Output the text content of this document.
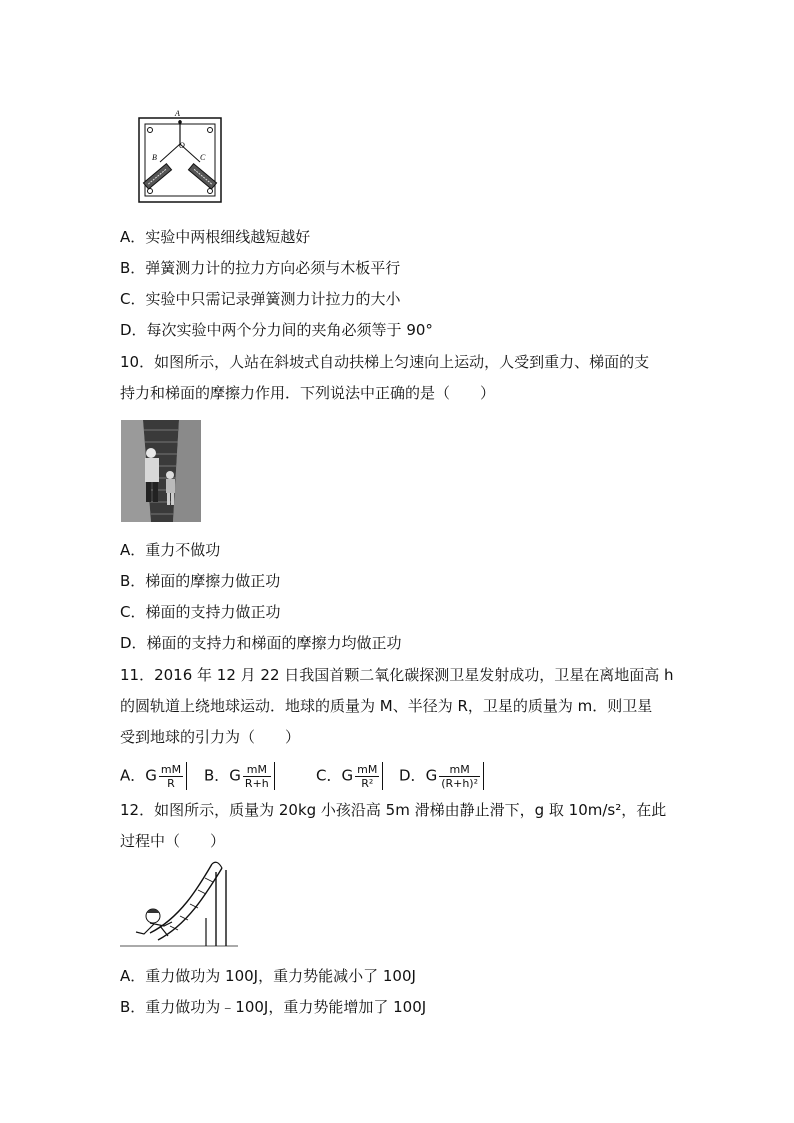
A
O
B	C
A．实验中两根细线越短越好
B．弹簧测力计的拉力方向必须与木板平行
C．实验中只需记录弹簧测力计拉力的大小
D．每次实验中两个分力间的夹角必须等于 90°
10．如图所示，人站在斜坡式自动扶梯上匀速向上运动，人受到重力、梯面的支
持力和梯面的摩擦力作用．下列说法中正确的是（　　）
A．重力不做功
B．梯面的摩擦力做正功
C．梯面的支持力做正功
D．梯面的支持力和梯面的摩擦力均做正功
11．2016 年 12 月 22 日我国首颗二氧化碳探测卫星发射成功，卫星在离地面高 h
的圆轨道上绕地球运动．地球的质量为 M、半径为 R，卫星的质量为 m．则卫星
受到地球的引力为（　　）
A．G $\frac{mM}{R}$ B．G $\frac{mM}{R+h}$	C．G $\frac{mM}{\text{R²}}$ D．G $\frac{mM}{\text{(R+h)²}}$
12．如图所示，质量为 20kg 小孩沿高 5m 滑梯由静止滑下，g 取 10m/s²，在此
过程中（　　）
A．重力做功为 100J，重力势能减小了 100J
B．重力做功为﹣100J，重力势能增加了 100J
